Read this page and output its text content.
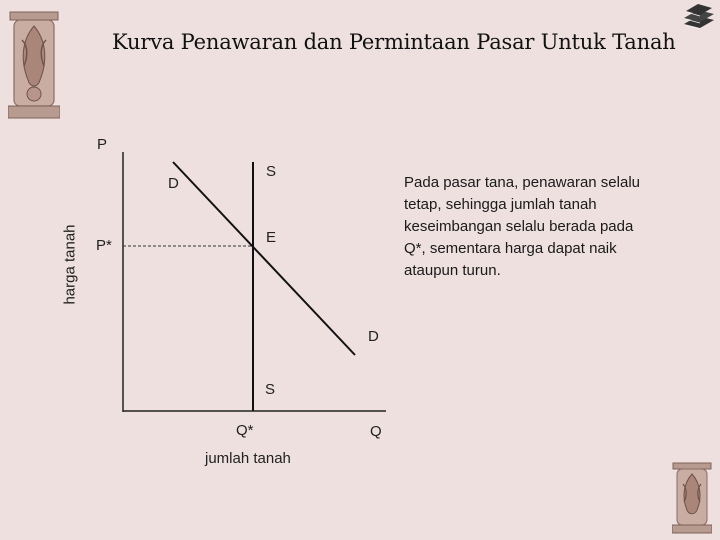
Kurva Penawaran dan Permintaan Pasar Untuk Tanah
P
Q
harga tanah
jumlah tanah
P*
Q*
E
S
S
D
D
Pada pasar tana, penawaran selalu
tetap, sehingga jumlah tanah
keseimbangan selalu berada pada
Q*, sementara harga dapat naik
ataupun turun.
